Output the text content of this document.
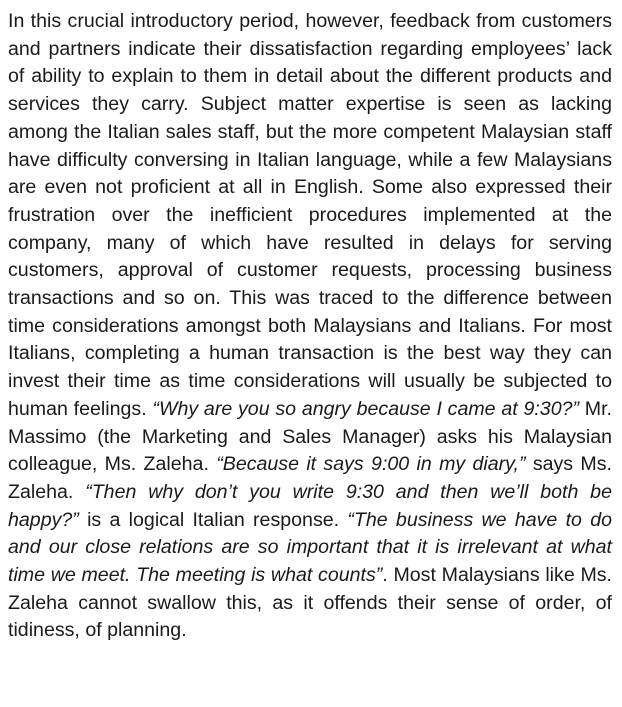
In this crucial introductory period, however, feedback from customers and partners indicate their dissatisfaction regarding employees’ lack of ability to explain to them in detail about the different products and services they carry. Subject matter expertise is seen as lacking among the Italian sales staff, but the more competent Malaysian staff have difficulty conversing in Italian language, while a few Malaysians are even not proficient at all in English. Some also expressed their frustration over the inefficient procedures implemented at the company, many of which have resulted in delays for serving customers, approval of customer requests, processing business transactions and so on. This was traced to the difference between time considerations amongst both Malaysians and Italians. For most Italians, completing a human transaction is the best way they can invest their time as time considerations will usually be subjected to human feelings. “Why are you so angry because I came at 9:30?” Mr. Massimo (the Marketing and Sales Manager) asks his Malaysian colleague, Ms. Zaleha. “Because it says 9:00 in my diary,” says Ms. Zaleha. “Then why don’t you write 9:30 and then we’ll both be happy?” is a logical Italian response. “The business we have to do and our close relations are so important that it is irrelevant at what time we meet. The meeting is what counts”. Most Malaysians like Ms. Zaleha cannot swallow this, as it offends their sense of order, of tidiness, of planning.
